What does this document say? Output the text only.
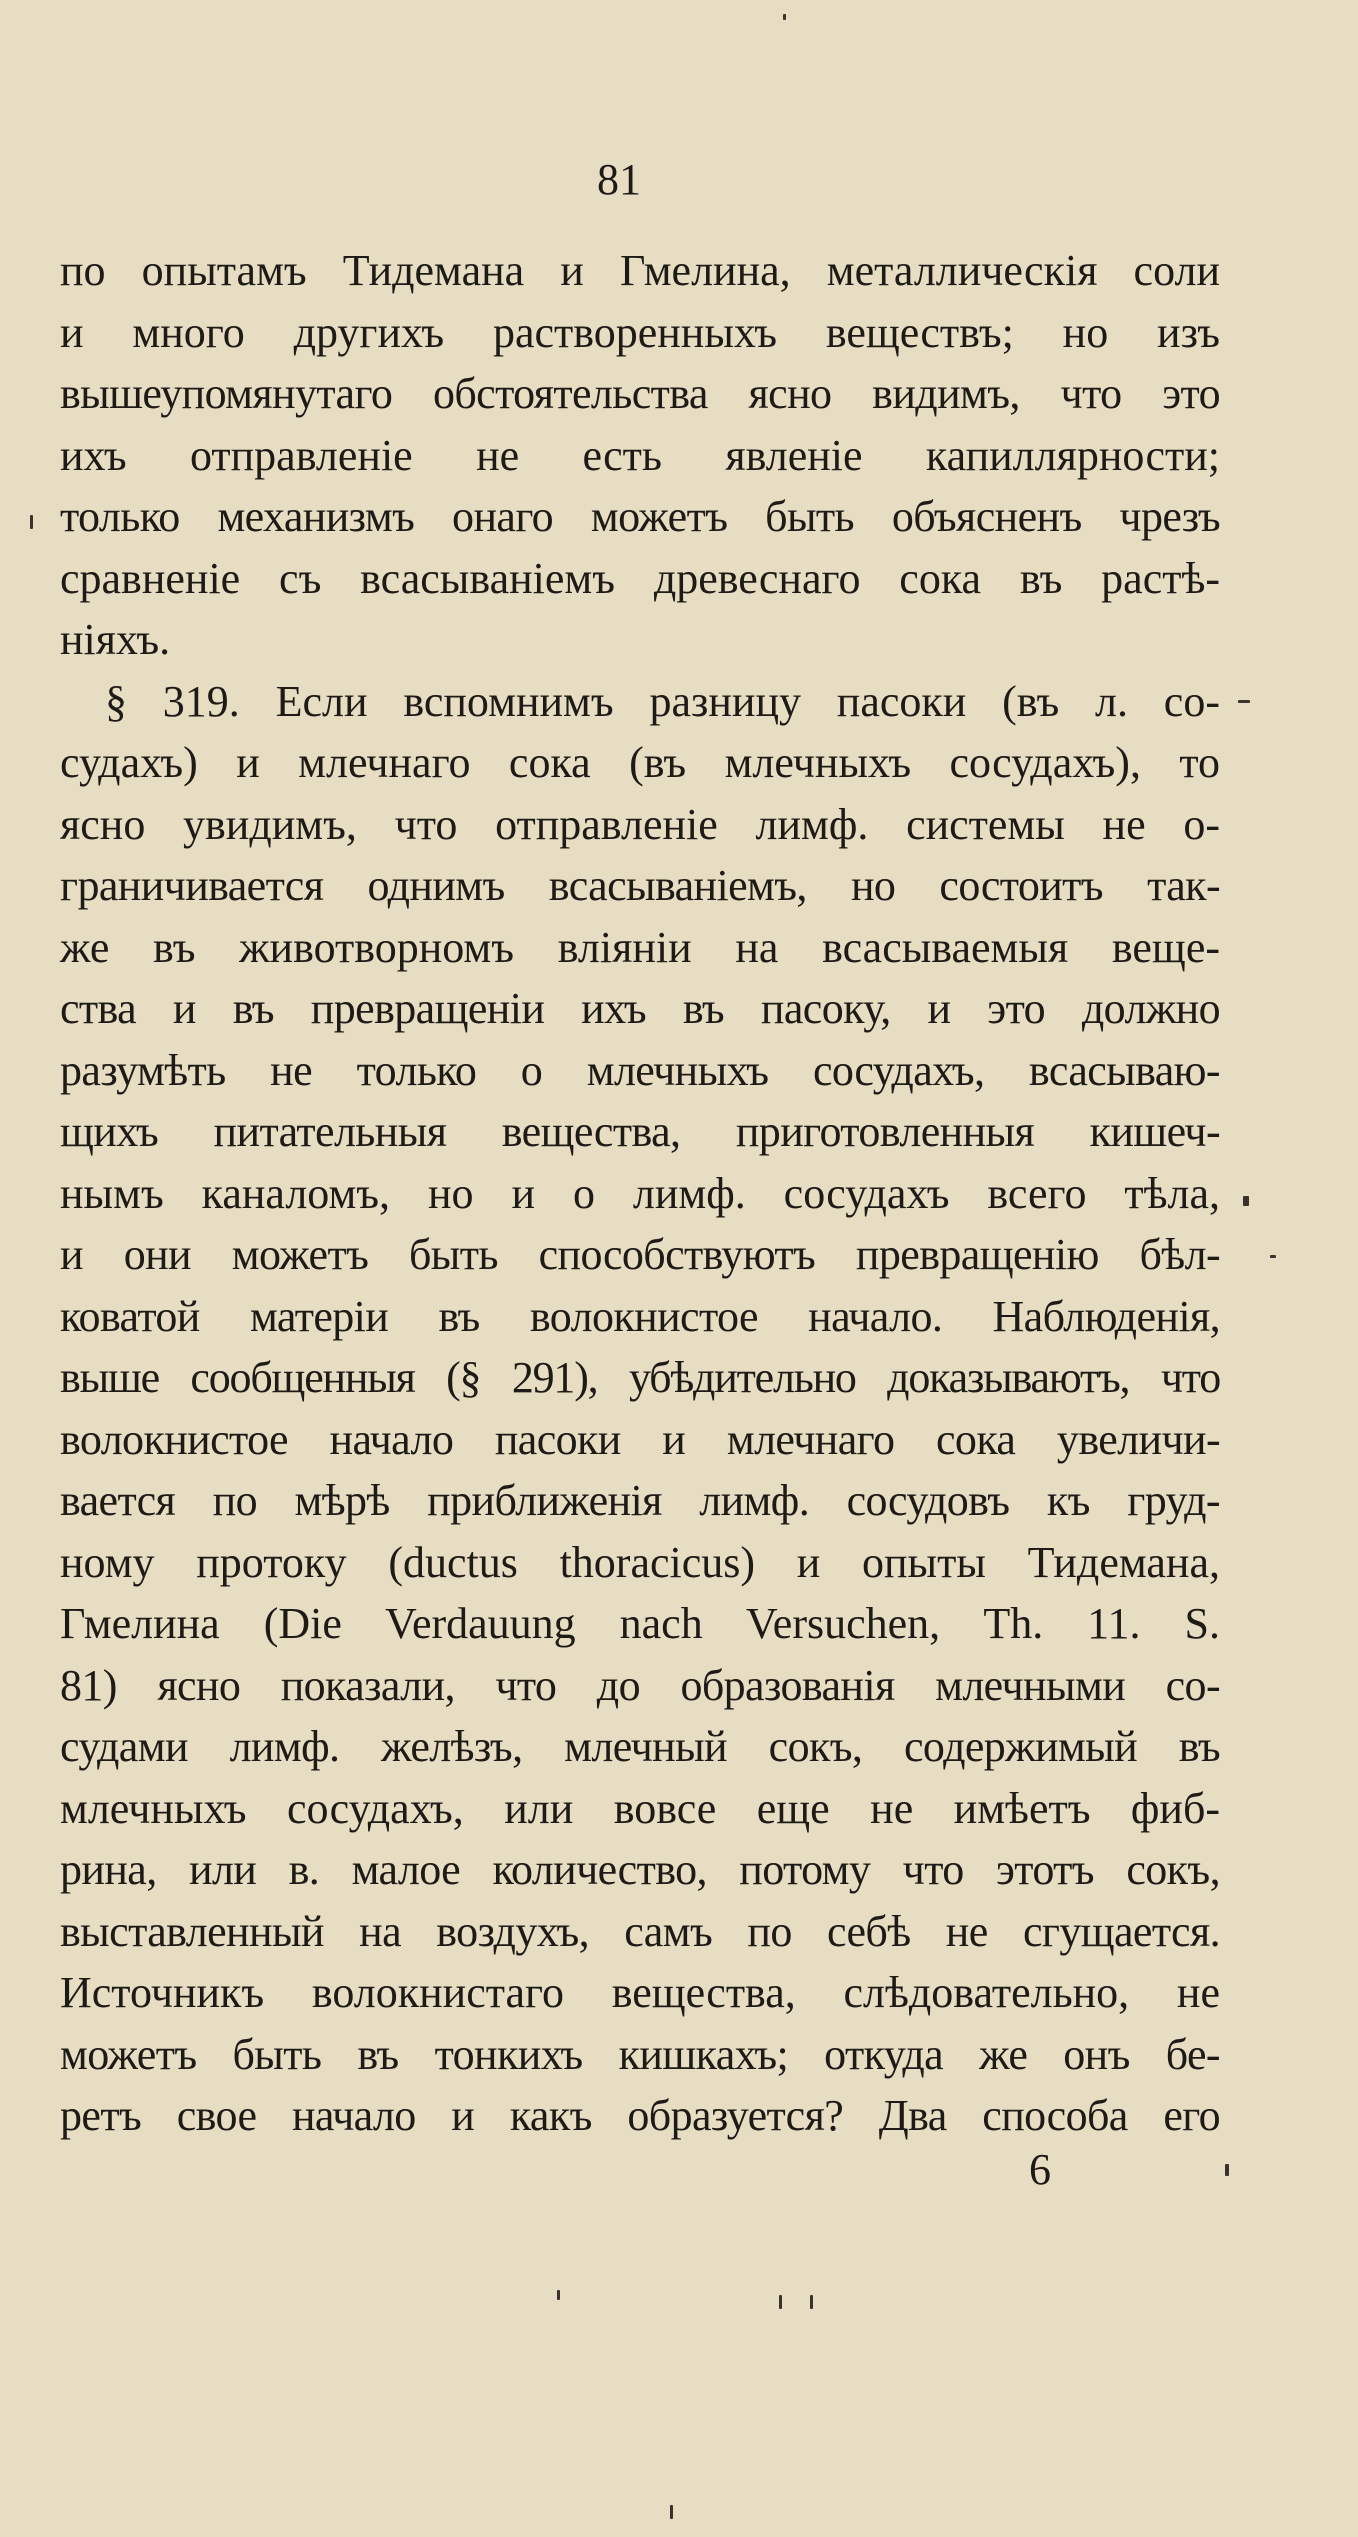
81
по опытамъ Тидемана и Гмелина, металлическія соли
и много другихъ растворенныхъ веществъ; но изъ
вышеупомянутаго обстоятельства ясно видимъ, что это
ихъ отправленіе не есть явленіе капиллярности;
только механизмъ онаго можетъ быть объясненъ чрезъ
сравненіе съ всасываніемъ древеснаго сока въ растѣ-
ніяхъ.
§ 319. Если вспомнимъ разницу пасоки (въ л. со-
судахъ) и млечнаго сока (въ млечныхъ сосудахъ), то
ясно увидимъ, что отправленіе лимф. системы не о-
граничивается однимъ всасываніемъ, но состоитъ так-
же въ животворномъ вліяніи на всасываемыя веще-
ства и въ превращеніи ихъ въ пасоку, и это должно
разумѣть не только о млечныхъ сосудахъ, всасываю-
щихъ питательныя вещества, приготовленныя кишеч-
нымъ каналомъ, но и о лимф. сосудахъ всего тѣла,
и они можетъ быть способствуютъ превращенію бѣл-
коватой матеріи въ волокнистое начало. Наблюденія,
выше сообщенныя (§ 291), убѣдительно доказываютъ, что
волокнистое начало пасоки и млечнаго сока увеличи-
вается по мѣрѣ приближенія лимф. сосудовъ къ груд-
ному протоку (ductus thoracicus) и опыты Тидемана,
Гмелина (Die Verdauung nach Versuchen, Th. 11. S.
81) ясно показали, что до образованія млечными со-
судами лимф. желѣзъ, млечный сокъ, содержимый въ
млечныхъ сосудахъ, или вовсе еще не имѣетъ фиб-
рина, или в. малое количество, потому что этотъ сокъ,
выставленный на воздухъ, самъ по себѣ не сгущается.
Источникъ волокнистаго вещества, слѣдовательно, не
можетъ быть въ тонкихъ кишкахъ; откуда же онъ бе-
ретъ свое начало и какъ образуется? Два способа его
6
